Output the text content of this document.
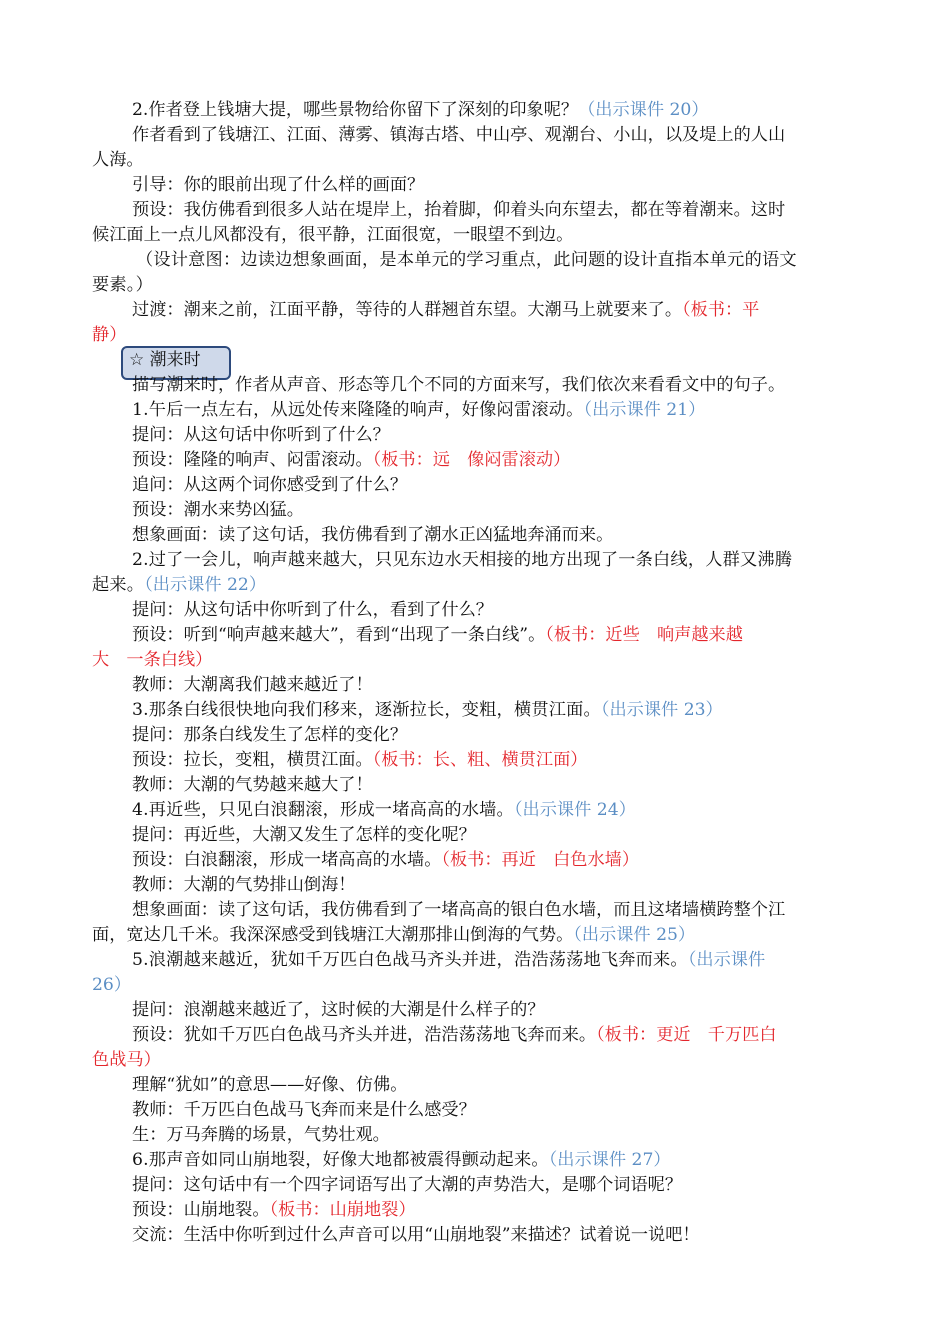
2.作者登上钱塘大提，哪些景物给你留下了深刻的印象呢？（出示课件 20）
作者看到了钱塘江、江面、薄雾、镇海古塔、中山亭、观潮台、小山，以及堤上的人山
人海。
引导：你的眼前出现了什么样的画面？
预设：我仿佛看到很多人站在堤岸上，抬着脚，仰着头向东望去，都在等着潮来。这时
候江面上一点儿风都没有，很平静，江面很宽，一眼望不到边。
（设计意图：边读边想象画面，是本单元的学习重点，此问题的设计直指本单元的语文
要素。）
过渡：潮来之前，江面平静，等待的人群翘首东望。大潮马上就要来了。（板书：平
静）
☆ 潮来时
描写潮来时，作者从声音、形态等几个不同的方面来写，我们依次来看看文中的句子。
1.午后一点左右，从远处传来隆隆的响声，好像闷雷滚动。（出示课件 21）
提问：从这句话中你听到了什么？
预设：隆隆的响声、闷雷滚动。（板书：远　像闷雷滚动）
追问：从这两个词你感受到了什么？
预设：潮水来势凶猛。
想象画面：读了这句话，我仿佛看到了潮水正凶猛地奔涌而来。
2.过了一会儿，响声越来越大，只见东边水天相接的地方出现了一条白线，人群又沸腾
起来。（出示课件 22）
提问：从这句话中你听到了什么，看到了什么？
预设：听到“响声越来越大”，看到“出现了一条白线”。（板书：近些　响声越来越
大　一条白线）
教师：大潮离我们越来越近了！
3.那条白线很快地向我们移来，逐渐拉长，变粗，横贯江面。（出示课件 23）
提问：那条白线发生了怎样的变化？
预设：拉长，变粗，横贯江面。（板书：长、粗、横贯江面）
教师：大潮的气势越来越大了！
4.再近些，只见白浪翻滚，形成一堵高高的水墙。（出示课件 24）
提问：再近些，大潮又发生了怎样的变化呢？
预设：白浪翻滚，形成一堵高高的水墙。（板书：再近　白色水墙）
教师：大潮的气势排山倒海！
想象画面：读了这句话，我仿佛看到了一堵高高的银白色水墙，而且这堵墙横跨整个江
面，宽达几千米。我深深感受到钱塘江大潮那排山倒海的气势。（出示课件 25）
5.浪潮越来越近，犹如千万匹白色战马齐头并进，浩浩荡荡地飞奔而来。（出示课件
26）
提问：浪潮越来越近了，这时候的大潮是什么样子的？
预设：犹如千万匹白色战马齐头并进，浩浩荡荡地飞奔而来。（板书：更近　千万匹白
色战马）
理解“犹如”的意思——好像、仿佛。
教师：千万匹白色战马飞奔而来是什么感受？
生：万马奔腾的场景，气势壮观。
6.那声音如同山崩地裂，好像大地都被震得颤动起来。（出示课件 27）
提问：这句话中有一个四字词语写出了大潮的声势浩大，是哪个词语呢？
预设：山崩地裂。（板书：山崩地裂）
交流：生活中你听到过什么声音可以用“山崩地裂”来描述？试着说一说吧！
